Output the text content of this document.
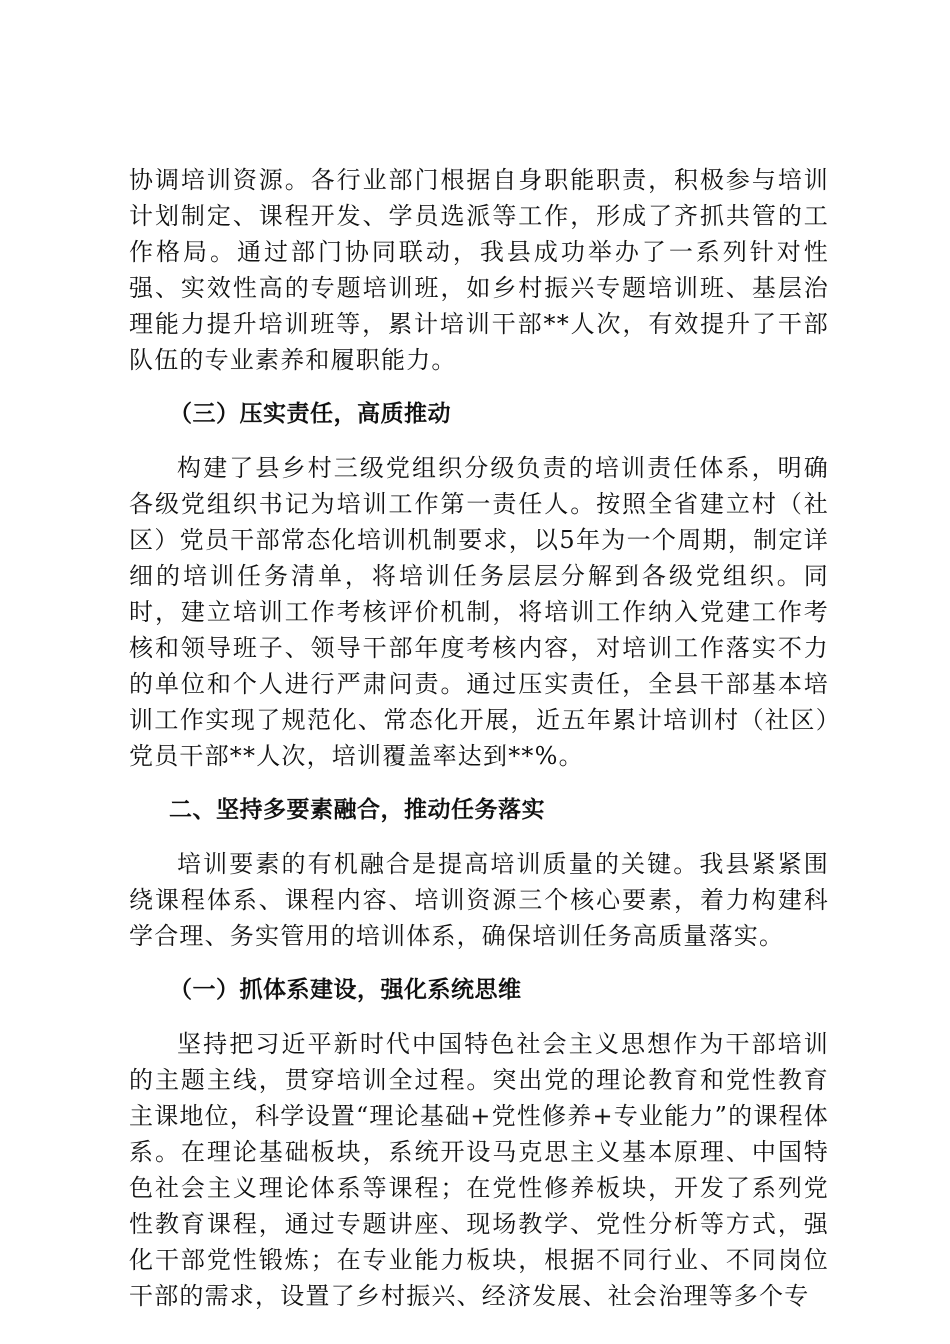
协调培训资源。各行业部门根据自身职能职责，积极参与培训计划制定、课程开发、学员选派等工作，形成了齐抓共管的工作格局。通过部门协同联动，我县成功举办了一系列针对性强、实效性高的专题培训班，如乡村振兴专题培训班、基层治理能力提升培训班等，累计培训干部**人次，有效提升了干部队伍的专业素养和履职能力。

（三）压实责任，高质推动

构建了县乡村三级党组织分级负责的培训责任体系，明确各级党组织书记为培训工作第一责任人。按照全省建立村（社区）党员干部常态化培训机制要求，以5年为一个周期，制定详细的培训任务清单，将培训任务层层分解到各级党组织。同时，建立培训工作考核评价机制，将培训工作纳入党建工作考核和领导班子、领导干部年度考核内容，对培训工作落实不力的单位和个人进行严肃问责。通过压实责任，全县干部基本培训工作实现了规范化、常态化开展，近五年累计培训村（社区）党员干部**人次，培训覆盖率达到**%。

二、坚持多要素融合，推动任务落实

培训要素的有机融合是提高培训质量的关键。我县紧紧围绕课程体系、课程内容、培训资源三个核心要素，着力构建科学合理、务实管用的培训体系，确保培训任务高质量落实。

（一）抓体系建设，强化系统思维

坚持把习近平新时代中国特色社会主义思想作为干部培训的主题主线，贯穿培训全过程。突出党的理论教育和党性教育主课地位，科学设置“理论基础+党性修养+专业能力”的课程体系。在理论基础板块，系统开设马克思主义基本原理、中国特色社会主义理论体系等课程；在党性修养板块，开发了系列党性教育课程，通过专题讲座、现场教学、党性分析等方式，强化干部党性锻炼；在专业能力板块，根据不同行业、不同岗位干部的需求，设置了乡村振兴、经济发展、社会治理等多个专
